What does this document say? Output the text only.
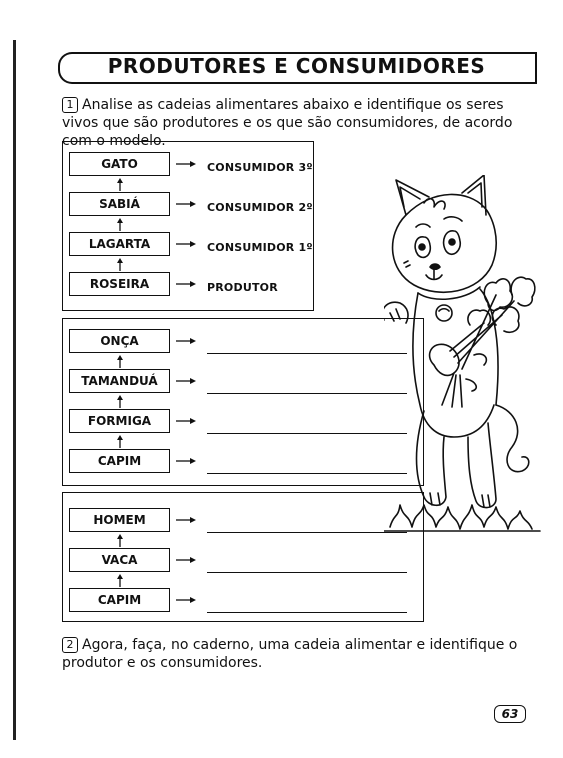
PRODUTORES E CONSUMIDORES
1 Analise as cadeias alimentares abaixo e identifique os seres vivos que são produtores e os que são consumidores, de acordo com o modelo.
GATO
SABIÁ
LAGARTA
ROSEIRA
CONSUMIDOR 3º
CONSUMIDOR 2º
CONSUMIDOR 1º
PRODUTOR
ONÇA
TAMANDUÁ
FORMIGA
CAPIM
HOMEM
VACA
CAPIM
2 Agora, faça, no caderno, uma cadeia alimentar e identifique o produtor e os consumidores.
63
